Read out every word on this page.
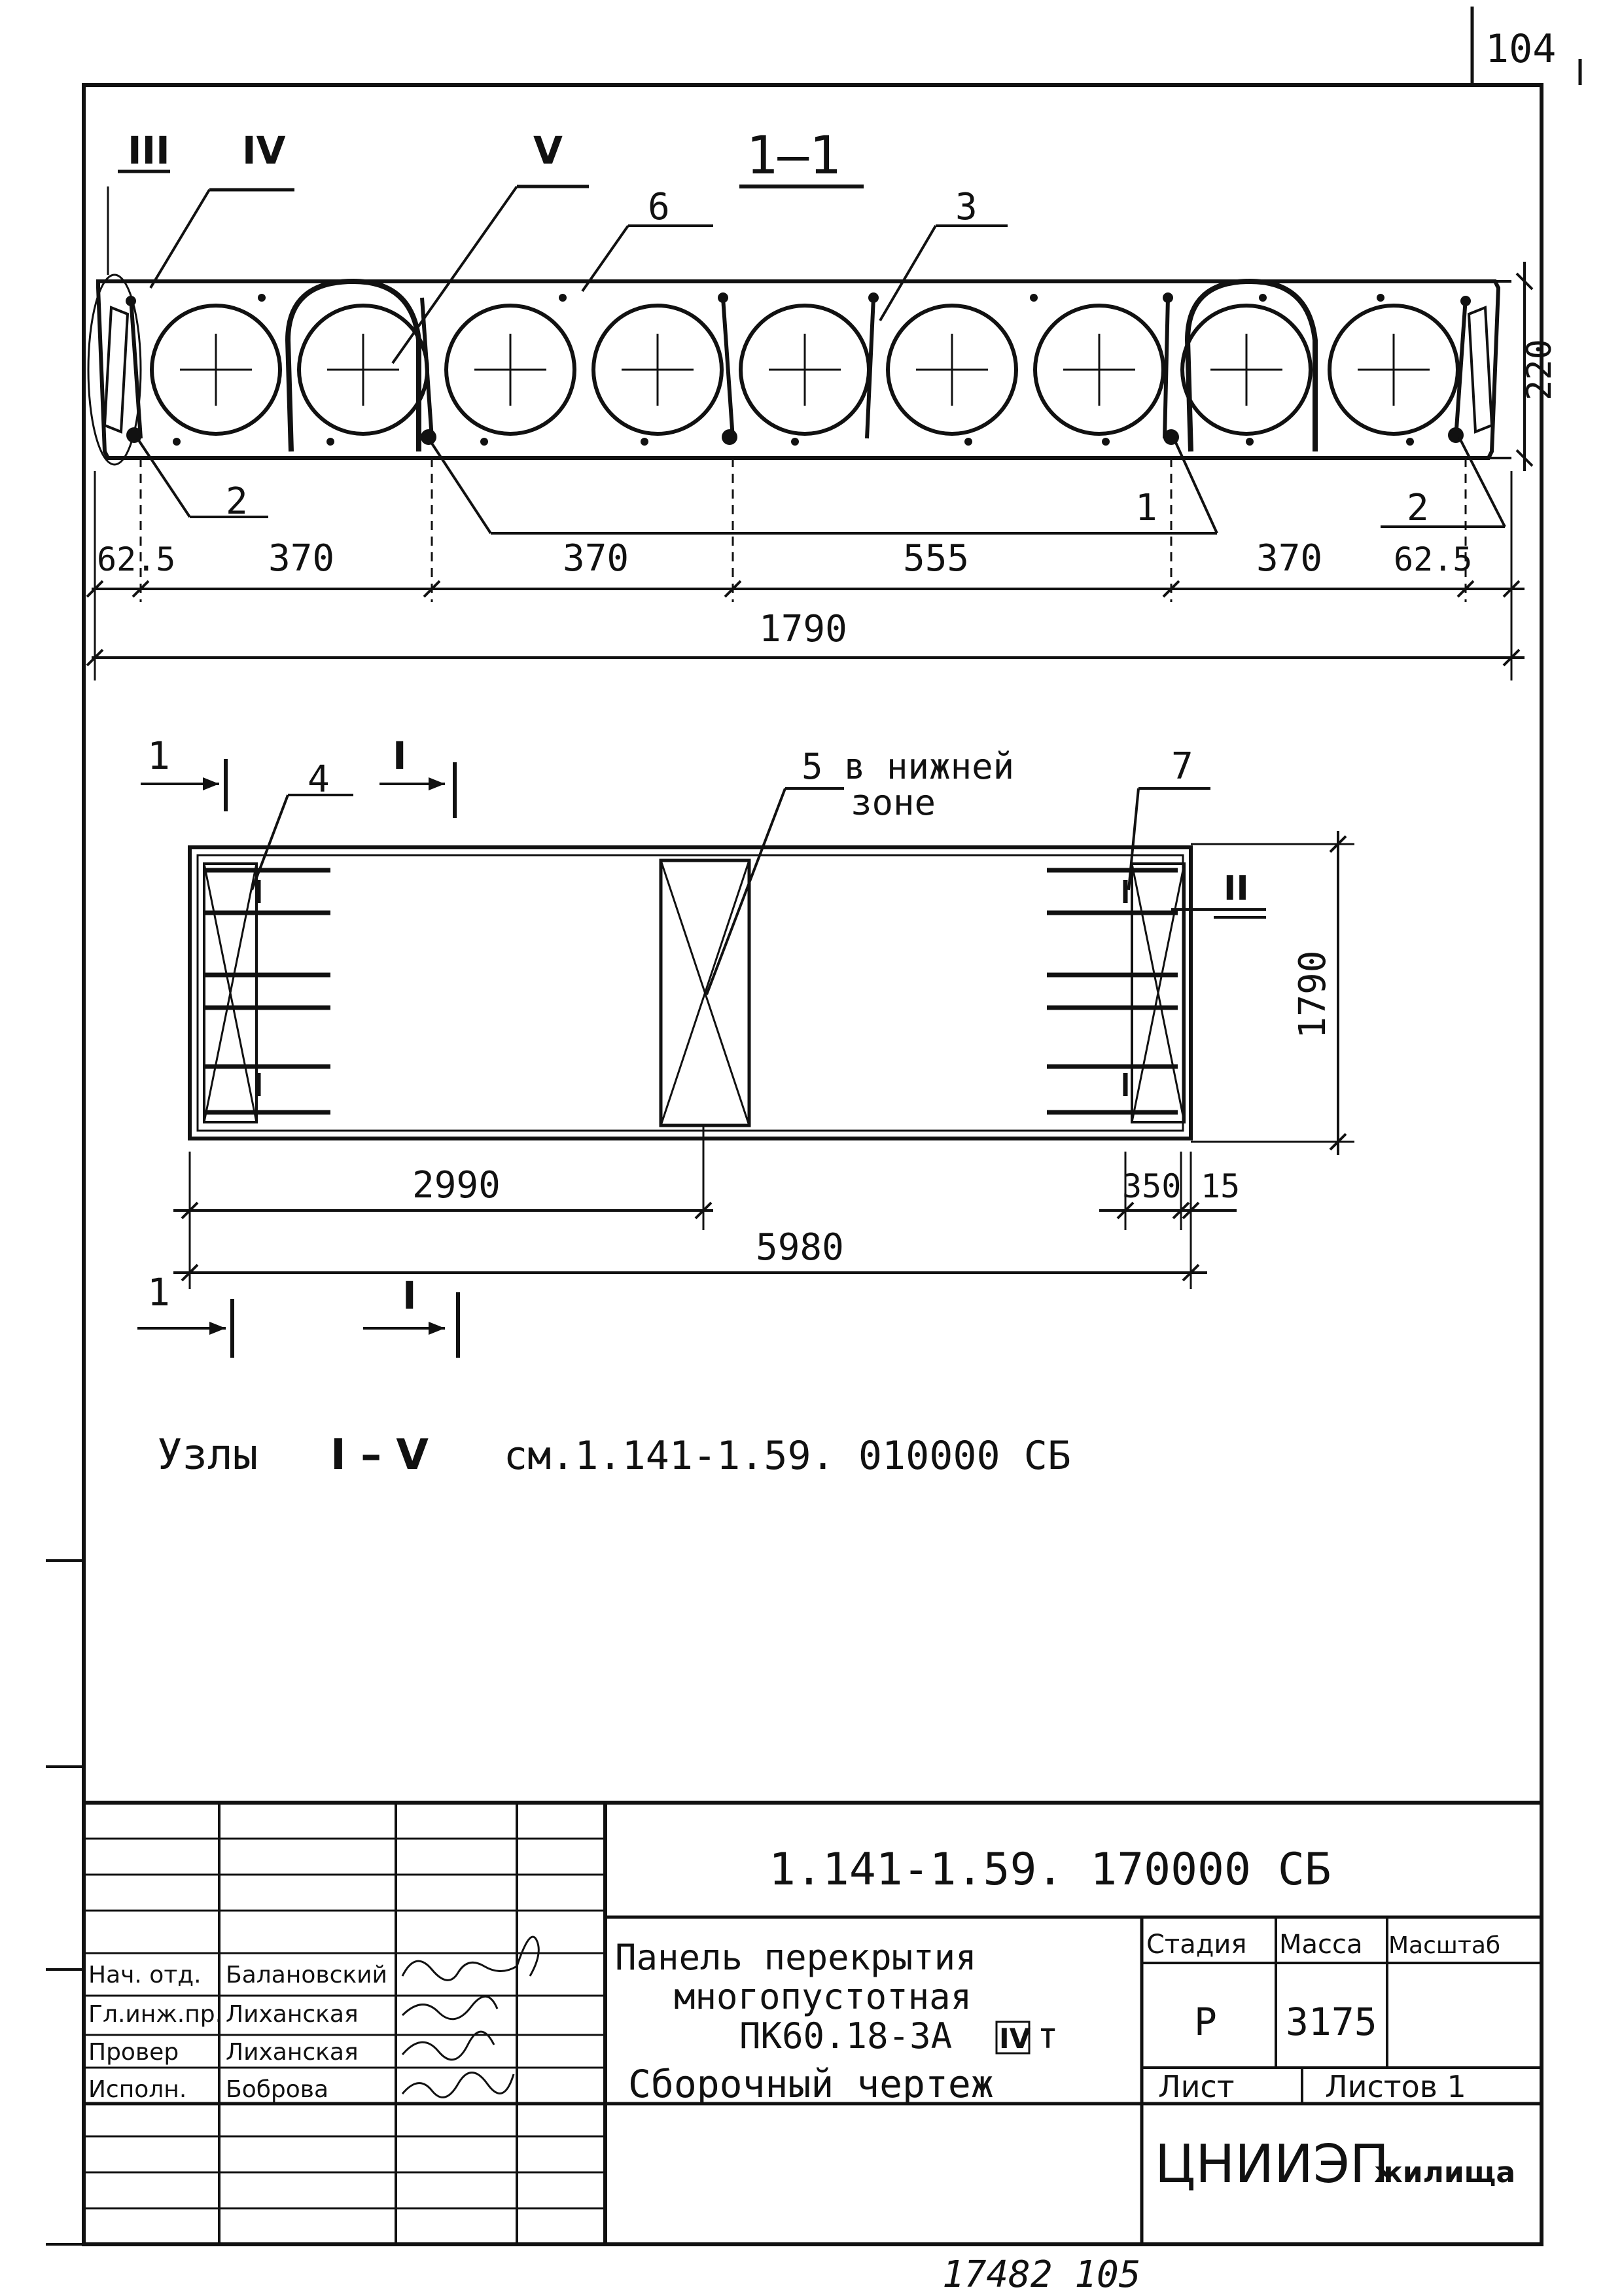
104
1–1
III IV	V
6	3
220
2	1	2
62.5	370	370	555	370 62.5
1790
1	I
1	I
4	5 в нижней
зоне
7
II
1790
2990	350 15
5980
Узлы I – V см.1.141-1.59. 010000 СБ
1.141-1.59. 170000 СБ
Панель перекрытия
многопустотная
ПК60.18-3А IV т
Сборочный чертеж
Стадия Масса Масштаб
Р 3175
Лист	Листов 1
ЦНИИЭП
жилища
Нач. отд. Балановский
Гл.инж.пр. Лиханская
Провер Лиханская
Исполн. Боброва
17482 105
